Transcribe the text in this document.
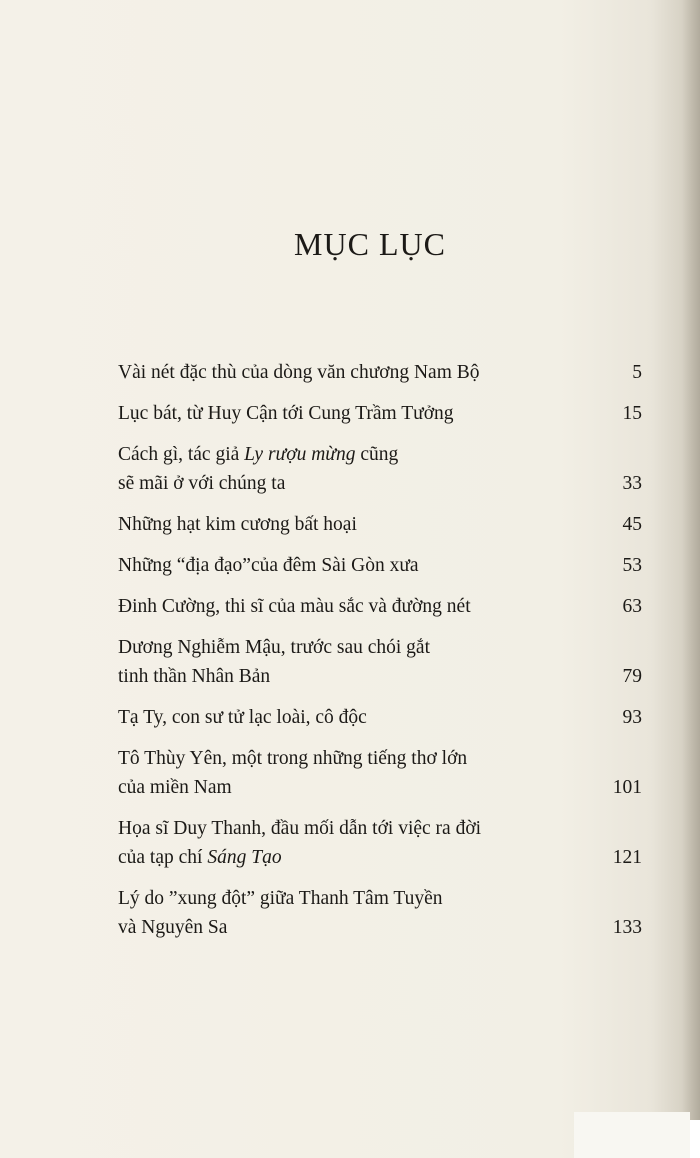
MỤC LỤC
Vài nét đặc thù của dòng văn chương Nam Bộ	5
Lục bát, từ Huy Cận tới Cung Trầm Tưởng	15
Cách gì, tác giả Ly rượu mừng cũng
sẽ mãi ở với chúng ta	33
Những hạt kim cương bất hoại	45
Những “địa đạo”của đêm Sài Gòn xưa	53
Đinh Cường, thi sĩ của màu sắc và đường nét	63
Dương Nghiễm Mậu, trước sau chói gắt
tinh thần Nhân Bản	79
Tạ Ty, con sư tử lạc loài, cô độc	93
Tô Thùy Yên, một trong những tiếng thơ lớn
của miền Nam	101
Họa sĩ Duy Thanh, đầu mối dẫn tới việc ra đời
của tạp chí Sáng Tạo	121
Lý do ”xung đột” giữa Thanh Tâm Tuyền
và Nguyên Sa	133
